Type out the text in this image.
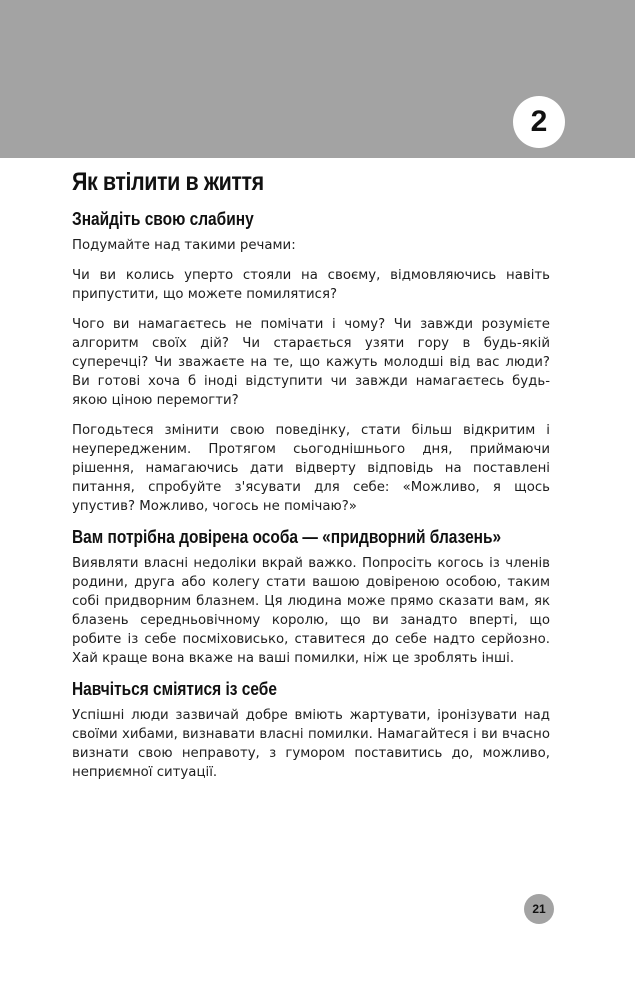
2
Як втілити в життя
Знайдіть свою слабину

Подумайте над такими речами:

Чи ви колись уперто стояли на своєму, відмовляючись навіть припустити, що можете помилятися?

Чого ви намагаєтесь не помічати і чому? Чи завжди розумієте алгоритм своїх дій? Чи старається узяти гору в будь-якій суперечці? Чи зважаєте на те, що кажуть молодші від вас люди? Ви готові хоча б іноді відступити чи завжди намагаєтесь будь-якою ціною перемогти?

Погодьтеся змінити свою поведінку, стати більш відкритим і неупередженим. Протягом сьогоднішнього дня, приймаючи рішення, намагаючись дати відверту відповідь на поставлені питання, спробуйте з'ясувати для себе: «Можливо, я щось упустив? Можливо, чогось не помічаю?»

Вам потрібна довірена особа — «придворний блазень»

Виявляти власні недоліки вкрай важко. Попросіть когось із членів родини, друга або колегу стати вашою довіреною особою, таким собі придворним блазнем. Ця людина може прямо сказати вам, як блазень середньовічному королю, що ви занадто вперті, що робите із себе посміховисько, ставитеся до себе надто серйозно. Хай краще вона вкаже на ваші помилки, ніж це зроблять інші.

Навчіться сміятися із себе

Успішні люди зазвичай добре вміють жартувати, іронізувати над своїми хибами, визнавати власні помилки. Намагайтеся і ви вчасно визнати свою неправоту, з гумором поставитись до, можливо, неприємної ситуації.

21
